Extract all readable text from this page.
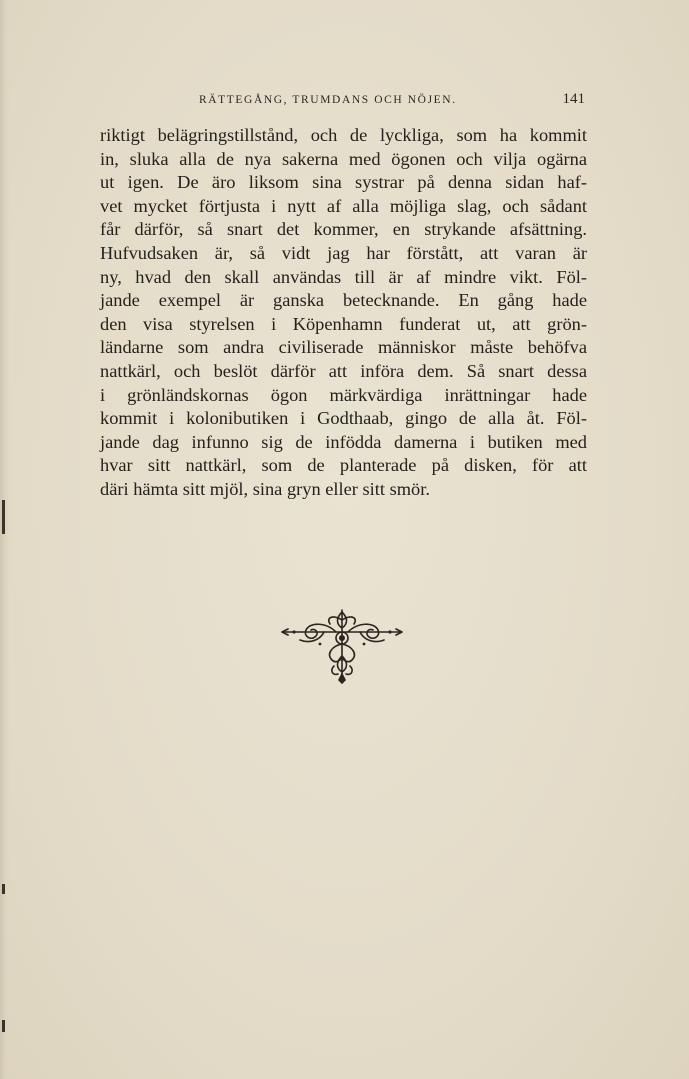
RÄTTEGÅNG, TRUMDANS OCH NÖJEN.	141
riktigt belägringstillstånd, och de lyckliga, som ha kommit
in, sluka alla de nya sakerna med ögonen och vilja ogärna
ut igen. De äro liksom sina systrar på denna sidan haf-
vet mycket förtjusta i nytt af alla möjliga slag, och sådant
får därför, så snart det kommer, en strykande afsättning.
Hufvudsaken är, så vidt jag har förstått, att varan är
ny, hvad den skall användas till är af mindre vikt. Föl-
jande exempel är ganska betecknande. En gång hade
den visa styrelsen i Köpenhamn funderat ut, att grön-
ländarne som andra civiliserade människor måste behöfva
nattkärl, och beslöt därför att införa dem. Så snart dessa
i grönländskornas ögon märkvärdiga inrättningar hade
kommit i kolonibutiken i Godthaab, gingo de alla åt. Föl-
jande dag infunno sig de infödda damerna i butiken med
hvar sitt nattkärl, som de planterade på disken, för att
däri hämta sitt mjöl, sina gryn eller sitt smör.
